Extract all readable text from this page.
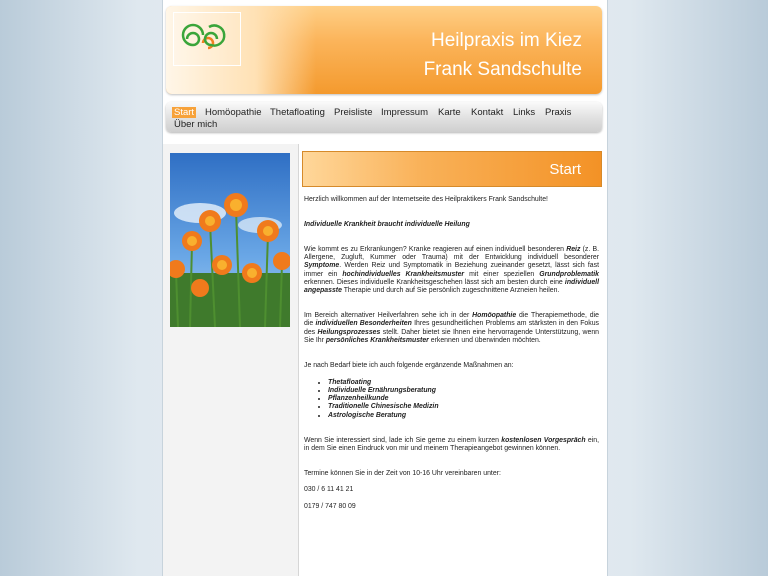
Heilpraxis im Kiez
Frank Sandschulte
Start Homöopathie Thetafloating Preisliste Impressum Karte Kontakt Links Praxis
Über mich
Start

Herzlich willkommen auf der Internetseite des Heilpraktikers Frank Sandschulte!

Individuelle Krankheit braucht individuelle Heilung

Wie kommt es zu Erkrankungen? Kranke reagieren auf einen individuell besonderen Reiz (z. B. Allergene, Zugluft, Kummer oder Trauma) mit der Entwicklung individuell besonderer Symptome. Werden Reiz und Symptomatik in Beziehung zueinander gesetzt, lässt sich fast immer ein hochindividuelles Krankheitsmuster mit einer speziellen Grundproblematik erkennen. Dieses individuelle Krankheitsgeschehen lässt sich am besten durch eine individuell angepasste Therapie und durch auf Sie persönlich zugeschnittene Arzneien heilen.

Im Bereich alternativer Heilverfahren sehe ich in der Homöopathie die Therapiemethode, die die individuellen Besonderheiten Ihres gesundheitlichen Problems am stärksten in den Fokus des Heilungsprozesses stellt. Daher bietet sie Ihnen eine hervorragende Unterstützung, wenn Sie Ihr persönliches Krankheitsmuster erkennen und überwinden möchten.

Je nach Bedarf biete ich auch folgende ergänzende Maßnahmen an:

• Thetafloating
• Individuelle Ernährungsberatung
• Pflanzenheilkunde
• Traditionelle Chinesische Medizin
• Astrologische Beratung

Wenn Sie interessiert sind, lade ich Sie gerne zu einem kurzen kostenlosen Vorgespräch ein, in dem Sie einen Eindruck von mir und meinem Therapieangebot gewinnen können.

Termine können Sie in der Zeit von 10-16 Uhr vereinbaren unter:

030 / 6 11 41 21

0179 / 747 80 09
